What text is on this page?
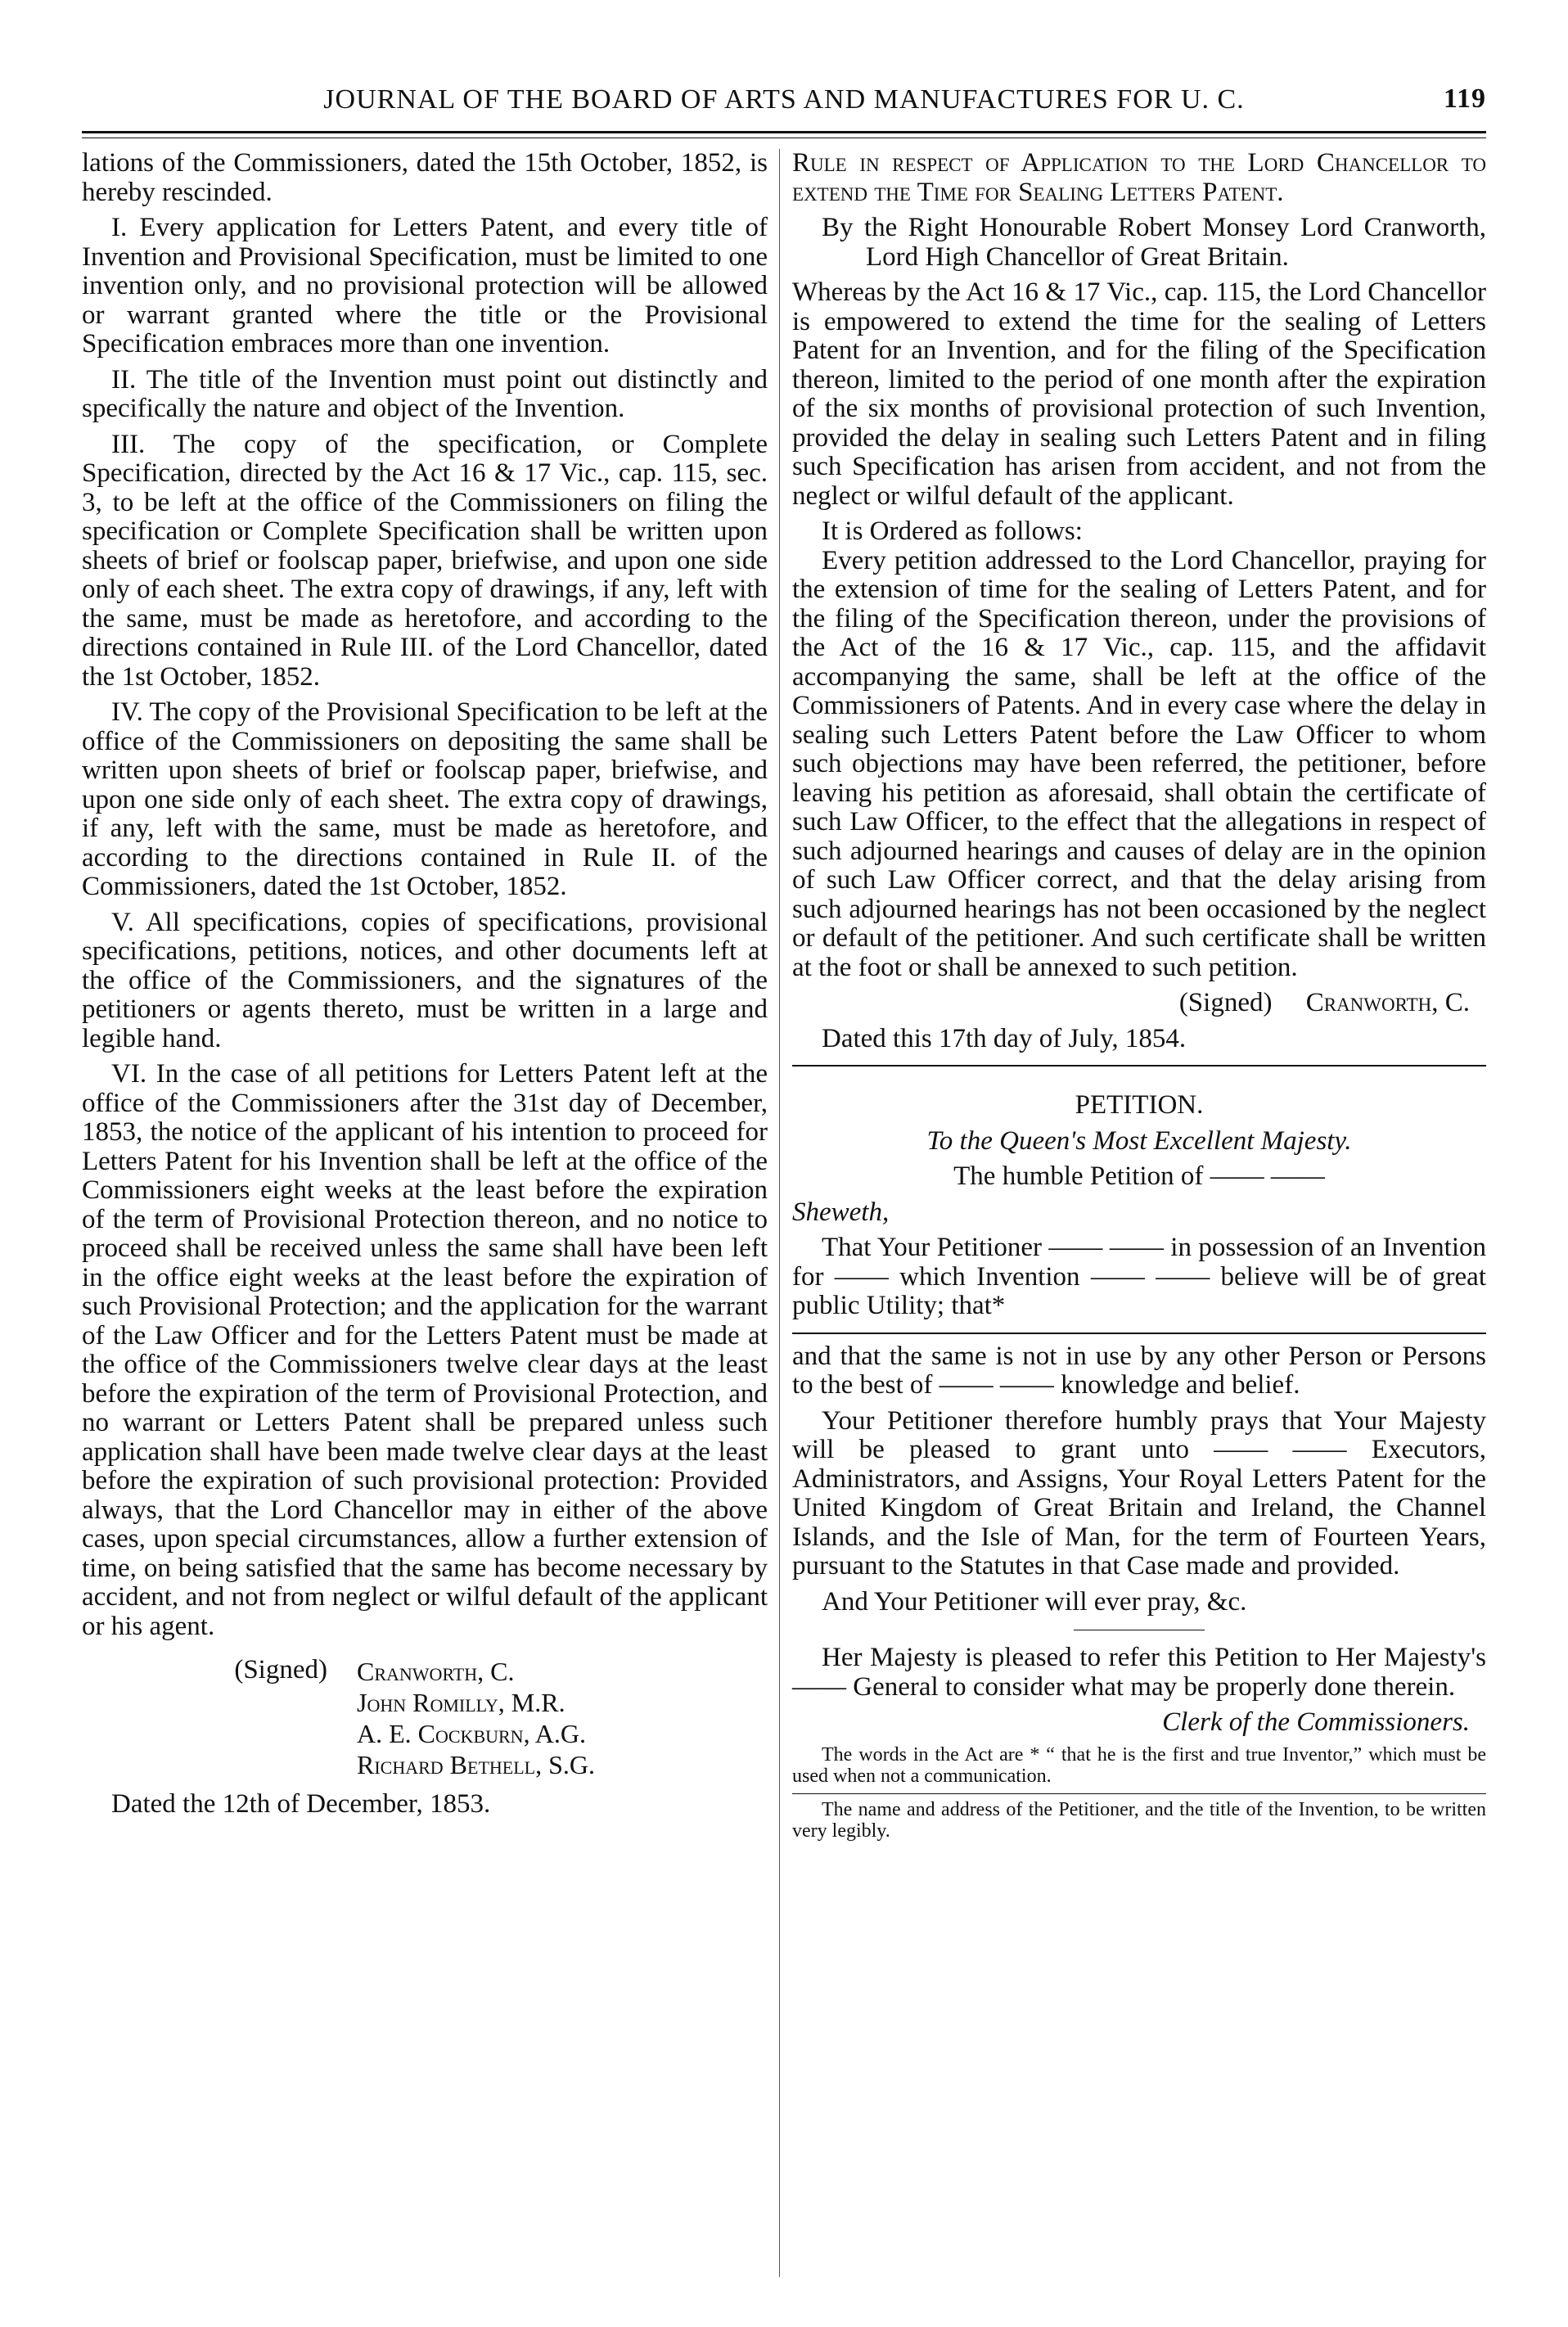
JOURNAL OF THE BOARD OF ARTS AND MANUFACTURES FOR U. C.	119

lations of the Commissioners, dated the 15th October, 1852, is hereby rescinded.

I. Every application for Letters Patent, and every title of Invention and Provisional Specification, must be limited to one invention only, and no provisional protection will be allowed or warrant granted where the title or the Provisional Specification embraces more than one invention.

II. The title of the Invention must point out distinctly and specifically the nature and object of the Invention.

III. The copy of the specification, or Complete Specification, directed by the Act 16 & 17 Vic., cap. 115, sec. 3, to be left at the office of the Commissioners on filing the specification or Complete Specification shall be written upon sheets of brief or foolscap paper, briefwise, and upon one side only of each sheet. The extra copy of drawings, if any, left with the same, must be made as heretofore, and according to the directions contained in Rule III. of the Lord Chancellor, dated the 1st October, 1852.

IV. The copy of the Provisional Specification to be left at the office of the Commissioners on depositing the same shall be written upon sheets of brief or foolscap paper, briefwise, and upon one side only of each sheet. The extra copy of drawings, if any, left with the same, must be made as heretofore, and according to the directions contained in Rule II. of the Commissioners, dated the 1st October, 1852.

V. All specifications, copies of specifications, provisional specifications, petitions, notices, and other documents left at the office of the Commissioners, and the signatures of the petitioners or agents thereto, must be written in a large and legible hand.

VI. In the case of all petitions for Letters Patent left at the office of the Commissioners after the 31st day of December, 1853, the notice of the applicant of his intention to proceed for Letters Patent for his Invention shall be left at the office of the Commissioners eight weeks at the least before the expiration of the term of Provisional Protection thereon, and no notice to proceed shall be received unless the same shall have been left in the office eight weeks at the least before the expiration of such Provisional Protection; and the application for the warrant of the Law Officer and for the Letters Patent must be made at the office of the Commissioners twelve clear days at the least before the expiration of the term of Provisional Protection, and no warrant or Letters Patent shall be prepared unless such application shall have been made twelve clear days at the least before the expiration of such provisional protection: Provided always, that the Lord Chancellor may in either of the above cases, upon special circumstances, allow a further extension of time, on being satisfied that the same has become necessary by accident, and not from neglect or wilful default of the applicant or his agent.

(Signed)	Cranworth, C.
John Romilly, M.R.
A. E. Cockburn, A.G.
Richard Bethell, S.G.

Dated the 12th of December, 1853.

Rule in respect of Application to the Lord Chancellor to extend the Time for Sealing Letters Patent.

By the Right Honourable Robert Monsey Lord Cranworth, Lord High Chancellor of Great Britain.

Whereas by the Act 16 & 17 Vic., cap. 115, the Lord Chancellor is empowered to extend the time for the sealing of Letters Patent for an Invention, and for the filing of the Specification thereon, limited to the period of one month after the expiration of the six months of provisional protection of such Invention, provided the delay in sealing such Letters Patent and in filing such Specification has arisen from accident, and not from the neglect or wilful default of the applicant.

It is Ordered as follows:

Every petition addressed to the Lord Chancellor, praying for the extension of time for the sealing of Letters Patent, and for the filing of the Specification thereon, under the provisions of the Act of the 16 & 17 Vic., cap. 115, and the affidavit accompanying the same, shall be left at the office of the Commissioners of Patents. And in every case where the delay in sealing such Letters Patent before the Law Officer to whom such objections may have been referred, the petitioner, before leaving his petition as aforesaid, shall obtain the certificate of such Law Officer, to the effect that the allegations in respect of such adjourned hearings and causes of delay are in the opinion of such Law Officer correct, and that the delay arising from such adjourned hearings has not been occasioned by the neglect or default of the petitioner. And such certificate shall be written at the foot or shall be annexed to such petition.

(Signed) Cranworth, C.

Dated this 17th day of July, 1854.

PETITION.

To the Queen's Most Excellent Majesty.

The humble Petition of —— ——

Sheweth,

That Your Petitioner —— —— in possession of an Invention for —— which Invention —— —— believe will be of great public Utility; that*

and that the same is not in use by any other Person or Persons to the best of —— —— knowledge and belief.

Your Petitioner therefore humbly prays that Your Majesty will be pleased to grant unto —— —— Executors, Administrators, and Assigns, Your Royal Letters Patent for the United Kingdom of Great Britain and Ireland, the Channel Islands, and the Isle of Man, for the term of Fourteen Years, pursuant to the Statutes in that Case made and provided.

And Your Petitioner will ever pray, &c.

Her Majesty is pleased to refer this Petition to Her Majesty's —— General to consider what may be properly done therein.

Clerk of the Commissioners.

The words in the Act are * “ that he is the first and true Inventor,” which must be used when not a communication.

The name and address of the Petitioner, and the title of the Invention, to be written very legibly.
